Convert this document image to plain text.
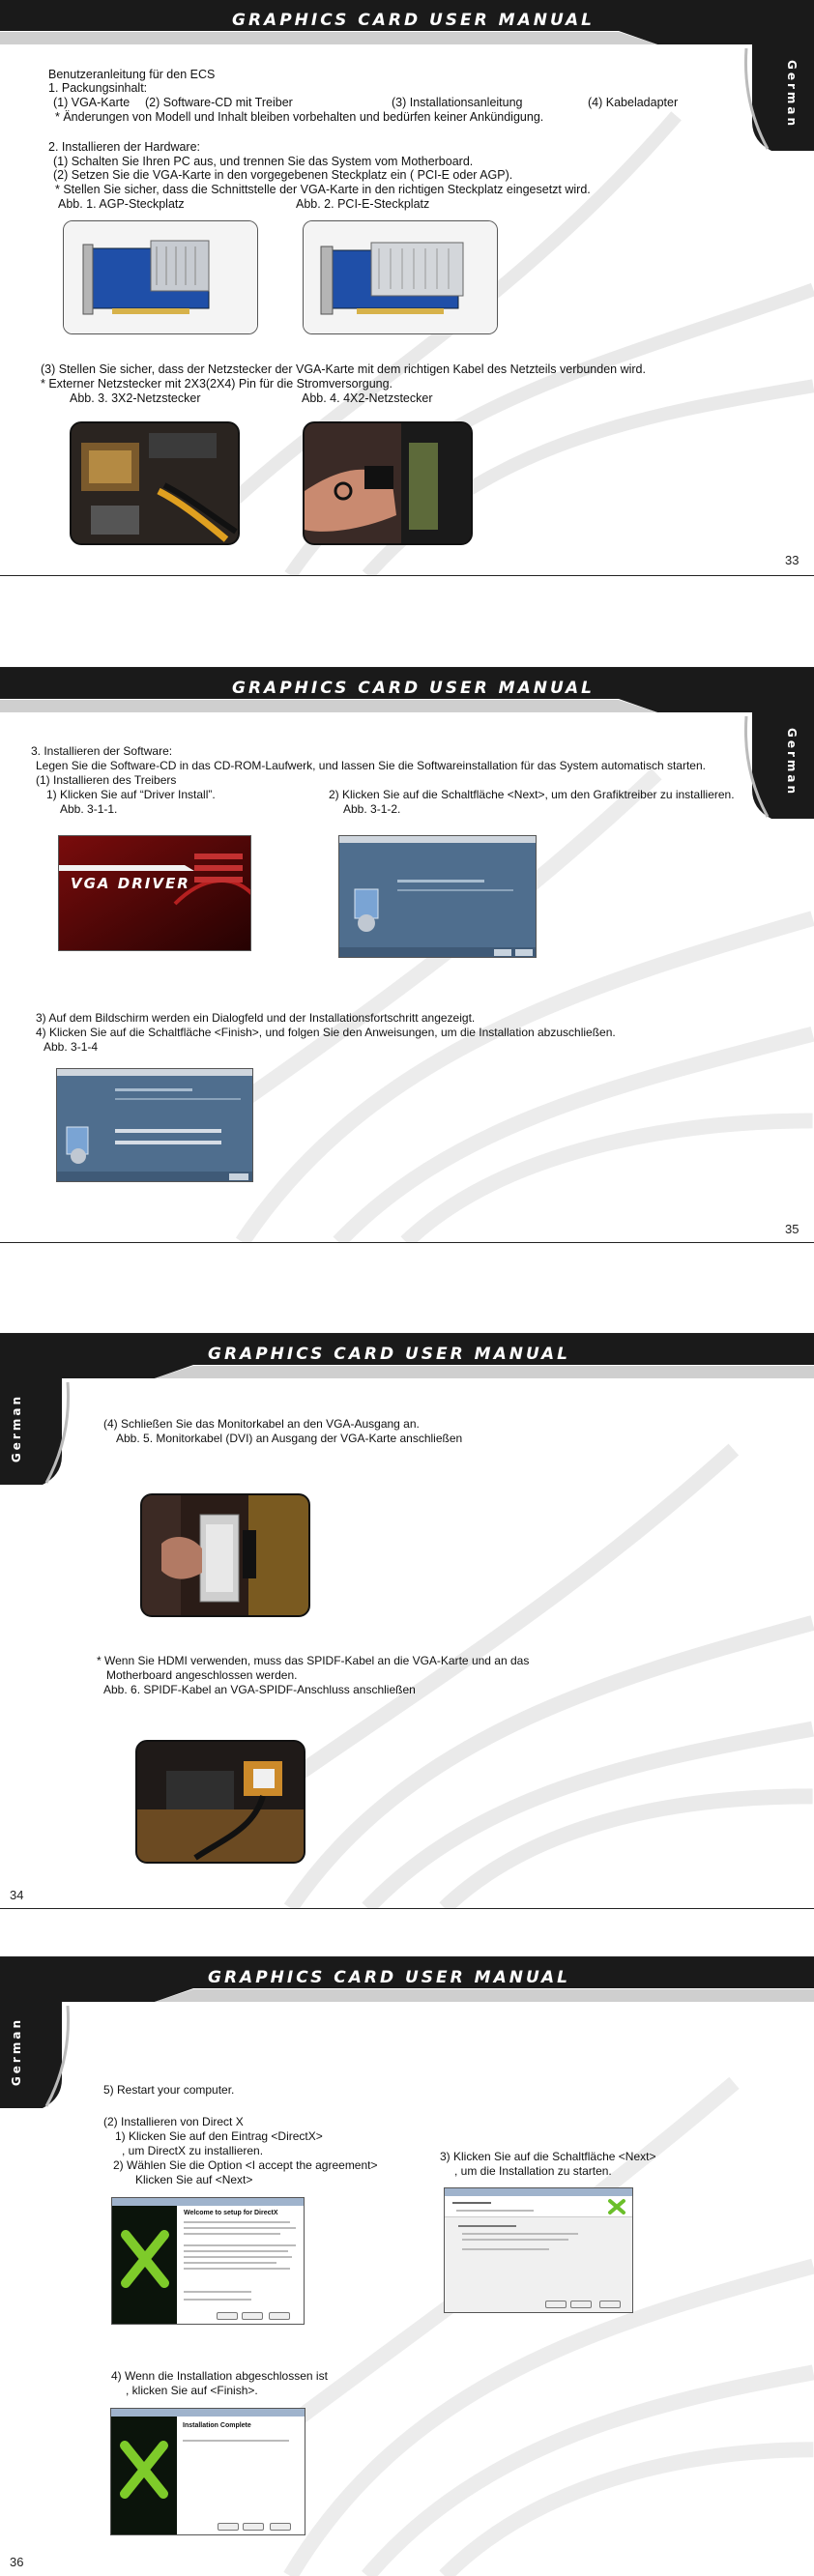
GRAPHICS CARD USER MANUAL
German
Benutzeranleitung für den ECS
1. Packungsinhalt:
(1) VGA-Karte (2) Software-CD mit Treiber	(3) Installationsanleitung	(4) Kabeladapter
* Änderungen von Modell und Inhalt bleiben vorbehalten und bedürfen keiner Ankündigung.
2. Installieren der Hardware:
(1) Schalten Sie Ihren PC aus, und trennen Sie das System vom Motherboard.
(2) Setzen Sie die VGA-Karte in den vorgegebenen Steckplatz ein ( PCI-E oder AGP).
* Stellen Sie sicher, dass die Schnittstelle der VGA-Karte in den richtigen Steckplatz eingesetzt wird.
Abb. 1. AGP-Steckplatz	Abb. 2. PCI-E-Steckplatz
(3) Stellen Sie sicher, dass der Netzstecker der VGA-Karte mit dem richtigen Kabel des Netzteils verbunden wird.
* Externer Netzstecker mit 2X3(2X4) Pin für die Stromversorgung.
Abb. 3. 3X2-Netzstecker	Abb. 4. 4X2-Netzstecker
33
GRAPHICS CARD USER MANUAL
German
3. Installieren der Software:
Legen Sie die Software-CD in das CD-ROM-Laufwerk, und lassen Sie die Softwareinstallation für das System automatisch starten.
(1) Installieren des Treibers
1) Klicken Sie auf “Driver Install”.
Abb. 3-1-1.
2) Klicken Sie auf die Schaltfläche <Next>, um den Grafiktreiber zu installieren.
Abb. 3-1-2.
VGA DRIVER
3) Auf dem Bildschirm werden ein Dialogfeld und der Installationsfortschritt angezeigt.
4) Klicken Sie auf die Schaltfläche <Finish>, und folgen Sie den Anweisungen, um die Installation abzuschließen.
Abb. 3-1-4
35
GRAPHICS CARD USER MANUAL
German	(4) Schließen Sie das Monitorkabel an den VGA-Ausgang an.
Abb. 5. Monitorkabel (DVI) an Ausgang der VGA-Karte anschließen
* Wenn Sie HDMI verwenden, muss das SPIDF-Kabel an die VGA-Karte und an das
Motherboard angeschlossen werden.
Abb. 6. SPIDF-Kabel an VGA-SPIDF-Anschluss anschließen
34
GRAPHICS CARD USER MANUAL
German
5) Restart your computer.
(2) Installieren von Direct X
1) Klicken Sie auf den Eintrag <DirectX>
, um DirectX zu installieren.
2) Wählen Sie die Option <I accept the agreement>
Klicken Sie auf <Next>
3) Klicken Sie auf die Schaltfläche <Next>
, um die Installation zu starten.
Welcome to setup for DirectX
4) Wenn die Installation abgeschlossen ist
, klicken Sie auf <Finish>.
Installation Complete
36
